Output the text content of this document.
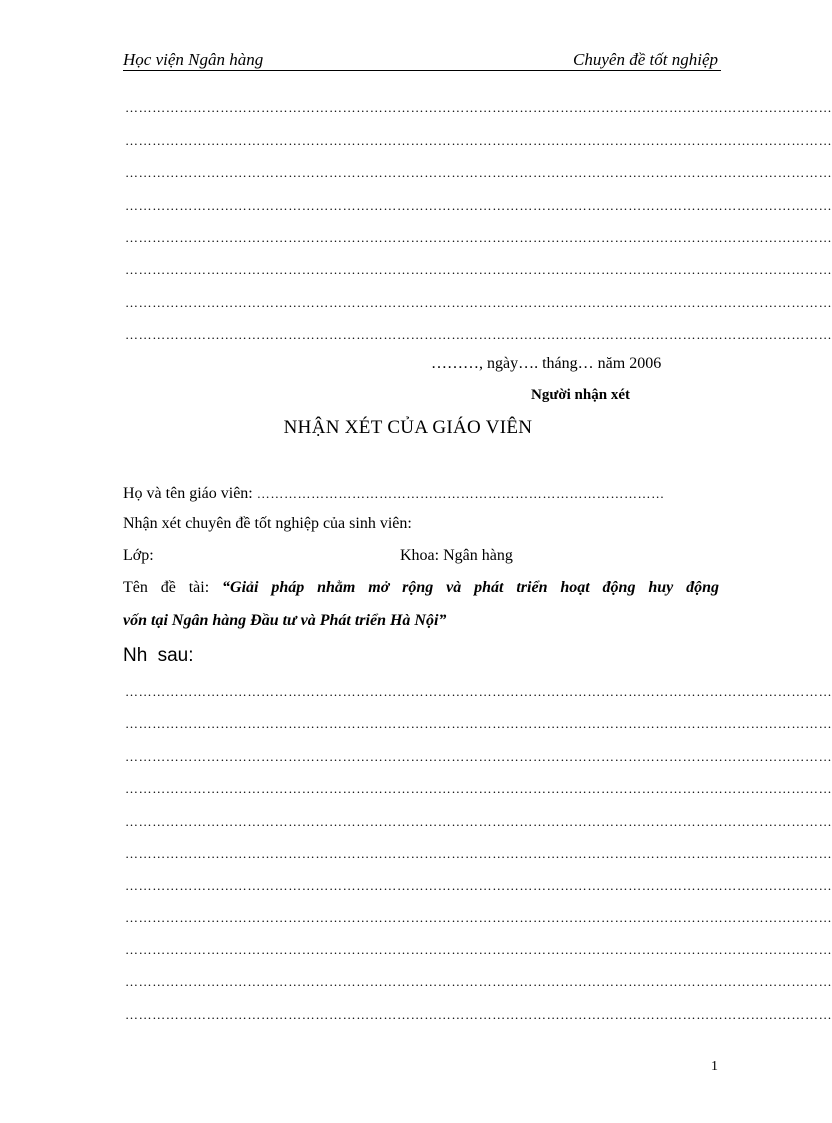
Học viện Ngân hàng	Chuyên đề tốt nghiệp
…………………………………………………………………………………………………………………………………………
…………………………………………………………………………………………………………………………………………
…………………………………………………………………………………………………………………………………………
…………………………………………………………………………………………………………………………………………
…………………………………………………………………………………………………………………………………………
…………………………………………………………………………………………………………………………………………
…………………………………………………………………………………………………………………………………………
…………………………………………………………………………………………………………………………………………
………, ngày…. tháng… năm 2006
Người nhận xét
NHẬN XÉT CỦA GIÁO VIÊN
Họ và tên giáo viên: ………………………………………………………………………………
Nhận xét chuyên đề tốt nghiệp của sinh viên:
Lớp:	Khoa: Ngân hàng
Tên đề tài: “Giải pháp nhằm mở rộng và phát triển hoạt động huy động
vốn tại Ngân hàng Đầu tư và Phát triển Hà Nội”
Nh sau:
…………………………………………………………………………………………………………………………………………
…………………………………………………………………………………………………………………………………………
…………………………………………………………………………………………………………………………………………
…………………………………………………………………………………………………………………………………………
…………………………………………………………………………………………………………………………………………
…………………………………………………………………………………………………………………………………………
…………………………………………………………………………………………………………………………………………
…………………………………………………………………………………………………………………………………………
…………………………………………………………………………………………………………………………………………
…………………………………………………………………………………………………………………………………………
…………………………………………………………………………………………………………………………………………
1
